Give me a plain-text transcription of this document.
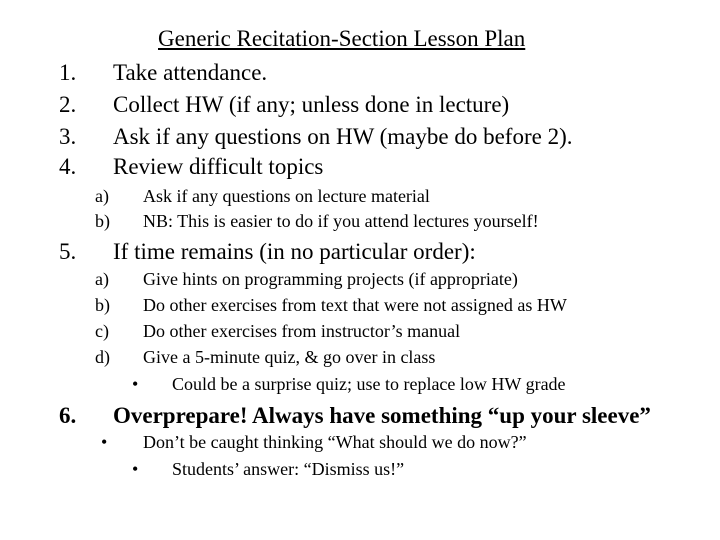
Generic Recitation-Section Lesson Plan
1. Take attendance.
2. Collect HW (if any; unless done in lecture)
3. Ask if any questions on HW (maybe do before 2).
4. Review difficult topics
a) Ask if any questions on lecture material
b) NB: This is easier to do if you attend lectures yourself!
5. If time remains (in no particular order):
a) Give hints on programming projects (if appropriate)
b) Do other exercises from text that were not assigned as HW
c) Do other exercises from instructor’s manual
d) Give a 5-minute quiz, & go over in class
• Could be a surprise quiz; use to replace low HW grade
6. Overprepare! Always have something “up your sleeve”
• Don’t be caught thinking “What should we do now?”
• Students’ answer: “Dismiss us!”
